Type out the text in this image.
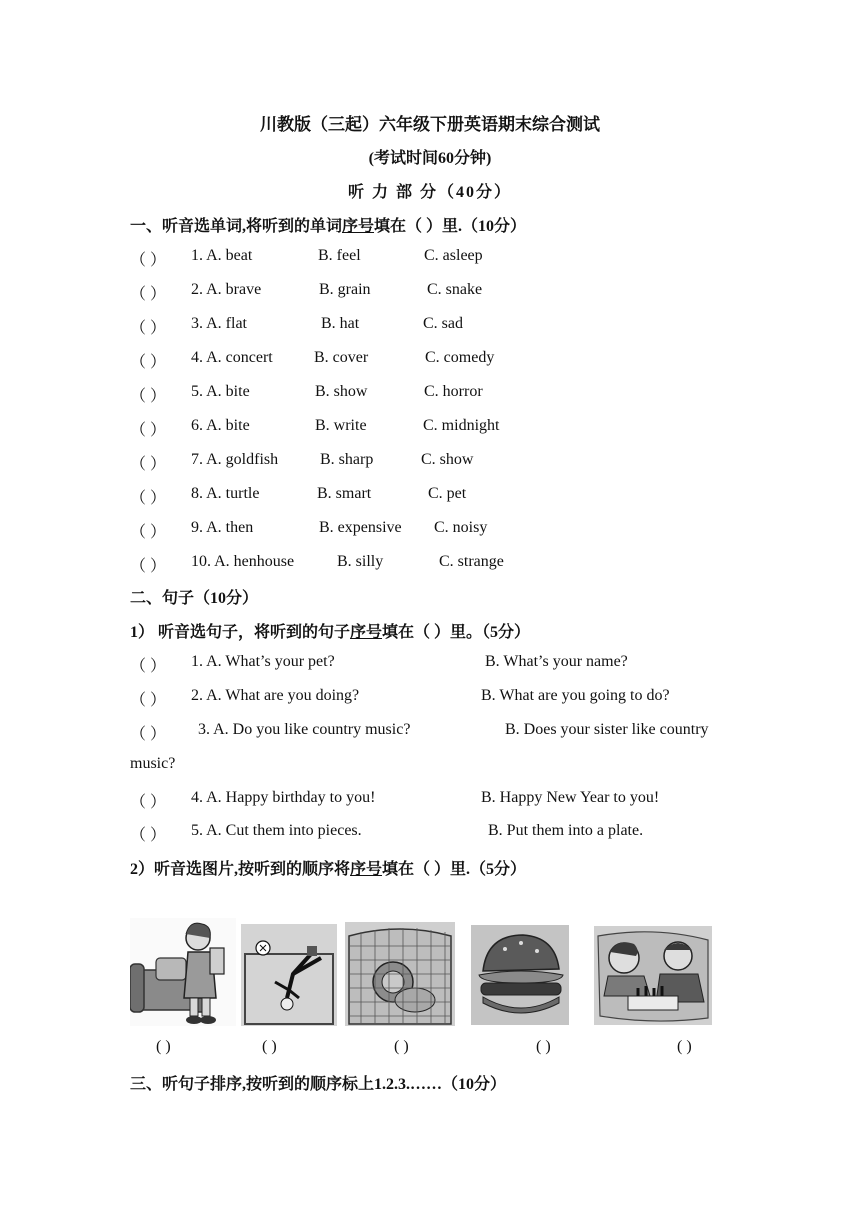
川教版（三起）六年级下册英语期末综合测试
(考试时间60分钟)
听 力 部 分（40分）
一、听音选单词,将听到的单词序号填在（ ）里.（10分）
（ ） 1. A. beat	B. feel	C. asleep
（ ） 2. A. brave	B. grain	C. snake
（ ） 3. A. flat	B. hat	C. sad
（ ） 4. A. concert	B. cover	C. comedy
（ ） 5. A. bite	B. show	C. horror
（ ） 6. A. bite	B. write	C. midnight
（ ） 7. A. goldfish	B. sharp	C. show
（ ） 8. A. turtle	B. smart	C. pet
（ ） 9. A. then	B. expensive C. noisy
（ ） 10. A. henhouse	B. silly	C. strange
二、句子（10分）
1） 听音选句子，将听到的句子序号填在（ ）里。（5分）
（ ） 1. A. What’s your pet?	B. What’s your name?
（ ） 2. A. What are you doing?	B. What are you going to do?
（ ） 3. A. Do you like country music?	B. Does your sister like country
music?
（ ） 4. A. Happy birthday to you!	B. Happy New Year to you!
（ ） 5. A. Cut them into pieces.	B. Put them into a plate.
2）听音选图片,按听到的顺序将序号填在（ ）里.（5分）
( )	( )	( )	( )	( )
三、听句子排序,按听到的顺序标上1.2.3.……（10分）
